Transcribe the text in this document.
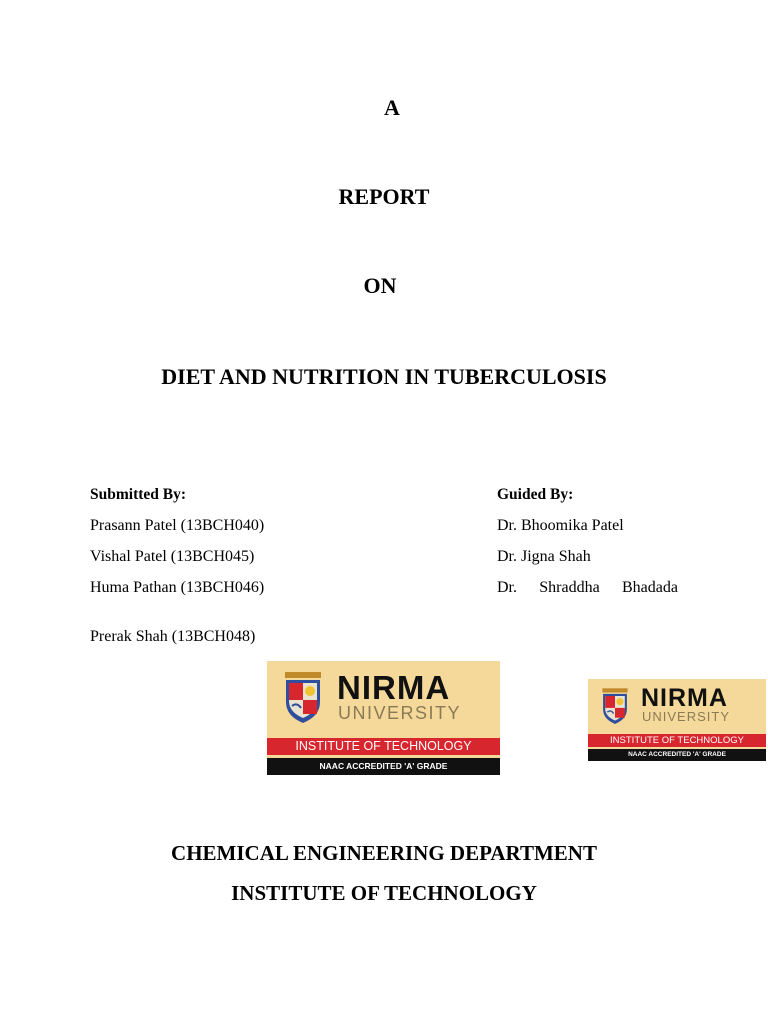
A
REPORT
ON
DIET AND NUTRITION IN TUBERCULOSIS
Submitted By:
Prasann Patel (13BCH040)
Vishal Patel (13BCH045)
Huma Pathan (13BCH046)
Prerak Shah (13BCH048)
Guided By:
Dr. Bhoomika Patel
Dr. Jigna Shah
Dr. Shraddha Bhadada
NIRMA
UNIVERSITY
INSTITUTE OF TECHNOLOGY
NAAC ACCREDITED 'A' GRADE
NIRMA
UNIVERSITY
INSTITUTE OF TECHNOLOGY
NAAC ACCREDITED 'A' GRADE
CHEMICAL ENGINEERING DEPARTMENT
INSTITUTE OF TECHNOLOGY
